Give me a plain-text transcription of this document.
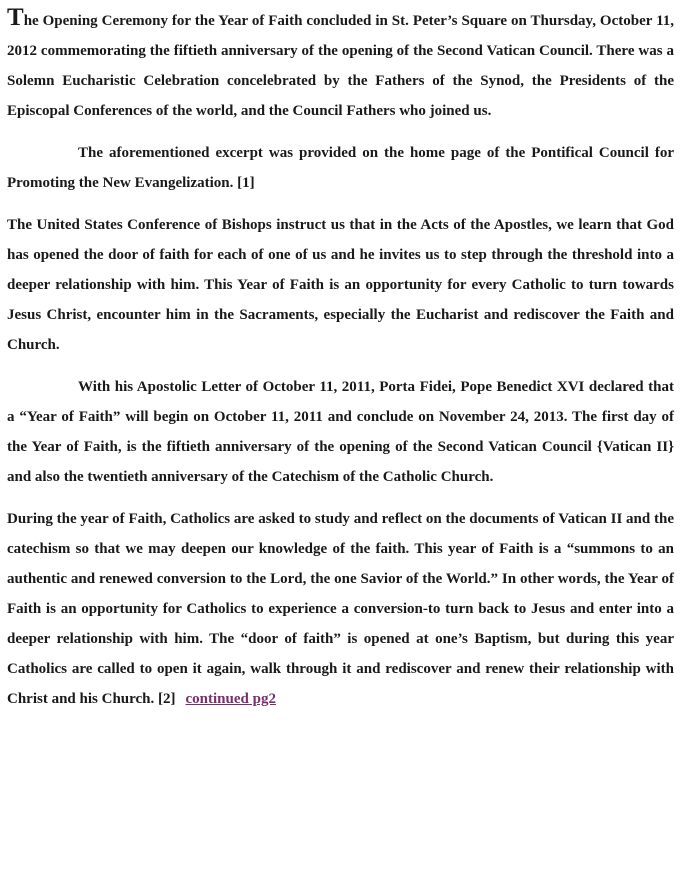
The Opening Ceremony for the Year of Faith concluded in St. Peter’s Square on Thursday, October 11, 2012 commemorating the fiftieth anniversary of the opening of the Second Vatican Council. There was a Solemn Eucharistic Celebration concelebrated by the Fathers of the Synod, the Presidents of the Episcopal Conferences of the world, and the Council Fathers who joined us.

The aforementioned excerpt was provided on the home page of the Pontifical Council for Promoting the New Evangelization. [1]

The United States Conference of Bishops instruct us that in the Acts of the Apostles, we learn that God has opened the door of faith for each of one of us and he invites us to step through the threshold into a deeper relationship with him. This Year of Faith is an opportunity for every Catholic to turn towards Jesus Christ, encounter him in the Sacraments, especially the Eucharist and rediscover the Faith and Church.

With his Apostolic Letter of October 11, 2011, Porta Fidei, Pope Benedict XVI declared that a “Year of Faith” will begin on October 11, 2011 and conclude on November 24, 2013. The first day of the Year of Faith, is the fiftieth anniversary of the opening of the Second Vatican Council {Vatican II} and also the twentieth anniversary of the Catechism of the Catholic Church.

During the year of Faith, Catholics are asked to study and reflect on the documents of Vatican II and the catechism so that we may deepen our knowledge of the faith. This year of Faith is a “summons to an authentic and renewed conversion to the Lord, the one Savior of the World.” In other words, the Year of Faith is an opportunity for Catholics to experience a conversion-to turn back to Jesus and enter into a deeper relationship with him. The “door of faith” is opened at one’s Baptism, but during this year Catholics are called to open it again, walk through it and rediscover and renew their relationship with Christ and his Church. [2] continued pg2
